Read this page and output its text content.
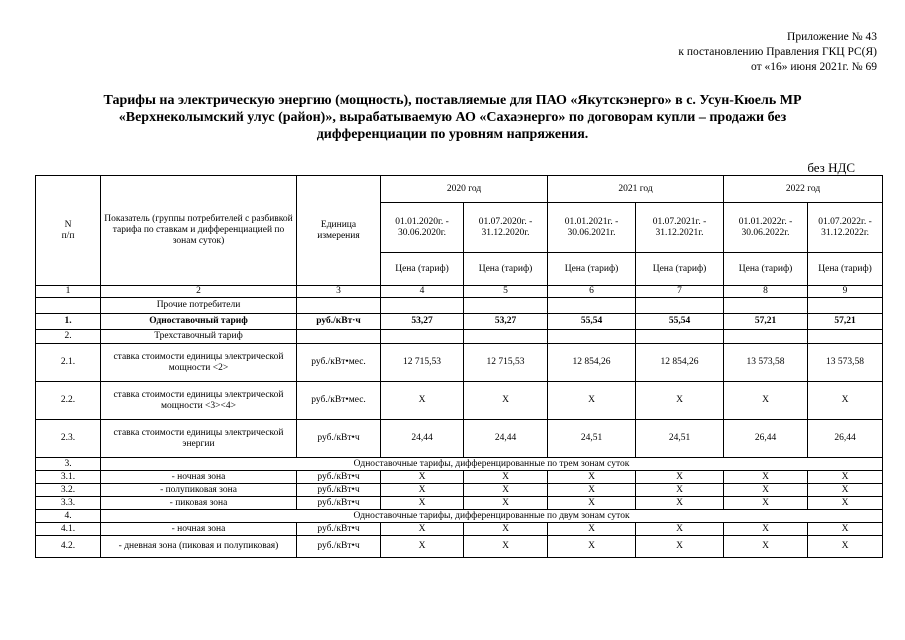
Приложение № 43
к постановлению Правления ГКЦ РС(Я)
от «16» июня 2021г. № 69
Тарифы на электрическую энергию (мощность), поставляемые для ПАО «Якутскэнерго» в с. Усун-Кюель МР
«Верхнеколымский улус (район)», вырабатываемую АО «Сахаэнерго» по договорам купли – продажи без
дифференциации по уровням напряжения.
без НДС
N
п/п	Показатель (группы потребителей с разбивкой тарифа по ставкам и дифференциацией по зонам суток)	Единица измерения	2020 год		2021 год		2022 год	
			01.01.2020г. - 30.06.2020г.	01.07.2020г. - 31.12.2020г.	01.01.2021г. - 30.06.2021г.	01.07.2021г. - 31.12.2021г.	01.01.2022г. - 30.06.2022г.	01.07.2022г. - 31.12.2022г.
			Цена (тариф)	Цена (тариф)	Цена (тариф)	Цена (тариф)	Цена (тариф)	Цена (тариф)
1	2	3	4	5	6	7	8	9
	Прочие потребители							
1.	Одноставочный тариф	руб./кВт·ч	53,27	53,27	55,54	55,54	57,21	57,21
2.	Трехставочный тариф							
2.1.	ставка стоимости единицы электрической мощности <2>	руб./кВт•мес.	12 715,53	12 715,53	12 854,26	12 854,26	13 573,58	13 573,58
2.2.	ставка стоимости единицы электрической мощности <3><4>	руб./кВт•мес.	X	X	X	X	X	X
2.3.	ставка стоимости единицы электрической энергии	руб./кВт•ч	24,44	24,44	24,51	24,51	26,44	26,44
3.	Одноставочные тарифы, дифференцированные по трем зонам суток							
3.1.	- ночная зона	руб./кВт•ч	X	X	X	X	X	X
3.2.	- полупиковая зона	руб./кВт•ч	X	X	X	X	X	X
3.3.	- пиковая зона	руб./кВт•ч	X	X	X	X	X	X
4.	Одноставочные тарифы, дифференцированные по двум зонам суток							
4.1.	- ночная зона	руб./кВт•ч	X	X	X	X	X	X
4.2.	- дневная зона (пиковая и полупиковая)	руб./кВт•ч	X	X	X	X	X	X
